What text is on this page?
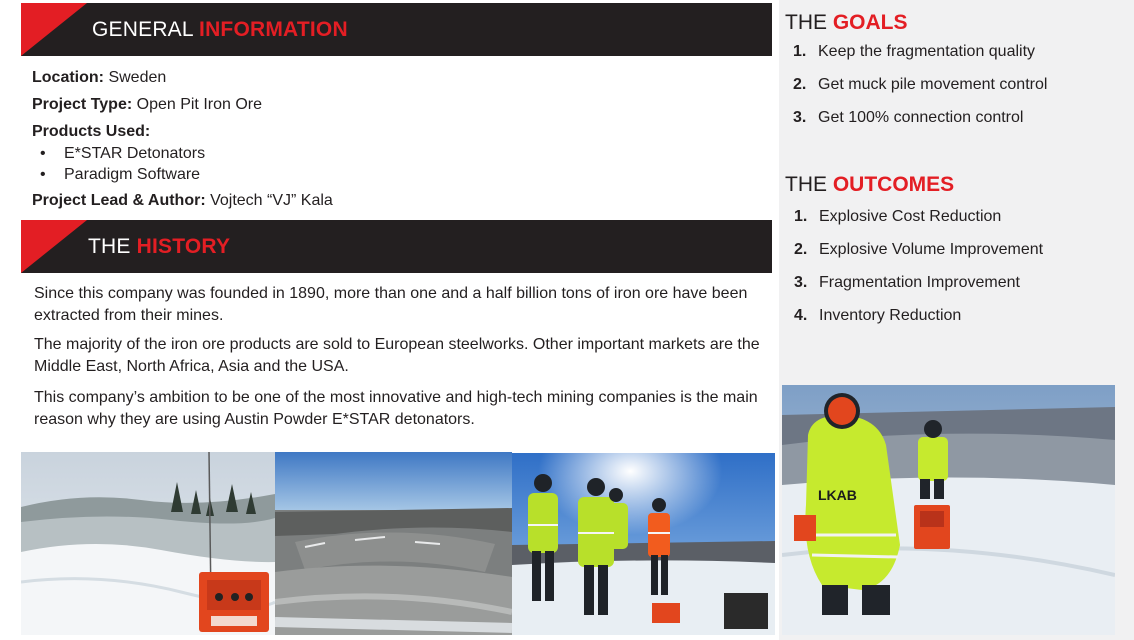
GENERAL INFORMATION
Location: Sweden
Project Type: Open Pit Iron Ore
Products Used:
• E*STAR Detonators
• Paradigm Software
Project Lead & Author: Vojtech “VJ” Kala
THE HISTORY

Since this company was founded in 1890, more than one and a half billion tons of iron ore have been extracted from their mines.

The majority of the iron ore products are sold to European steelworks. Other important markets are the Middle East, North Africa, Asia and the USA.

This company’s ambition to be one of the most innovative and high-tech mining companies is the main reason why they are using Austin Powder E*STAR detonators.

THE GOALS
1. Keep the fragmentation quality
2. Get muck pile movement control
3. Get 100% connection control
THE OUTCOMES
1. Explosive Cost Reduction
2. Explosive Volume Improvement
3. Fragmentation Improvement
4. Inventory Reduction
LKAB
